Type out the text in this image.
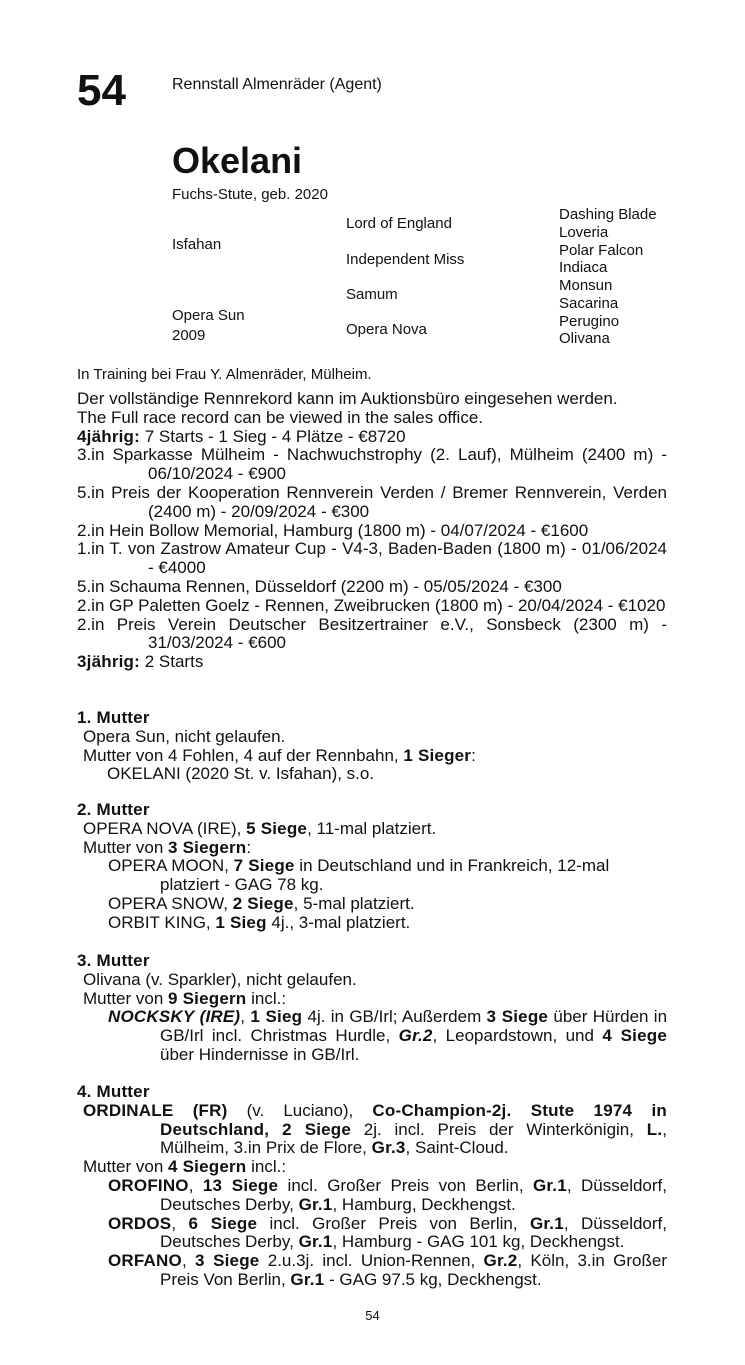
54	Rennstall Almenräder (Agent)
Okelani
Fuchs-Stute, geb. 2020
Isfahan
Opera Sun
2009
Lord of England
Independent Miss
Samum
Opera Nova
Dashing Blade
Loveria
Polar Falcon
Indiaca
Monsun
Sacarina
Perugino
Olivana
In Training bei Frau Y. Almenräder, Mülheim.
Der vollständige Rennrekord kann im Auktionsbüro eingesehen werden.
The Full race record can be viewed in the sales office.
4jährig: 7 Starts - 1 Sieg - 4 Plätze - €8720
3.in Sparkasse Mülheim - Nachwuchstrophy (2. Lauf), Mülheim (2400 m) - 06/10/2024 - €900
5.in Preis der Kooperation Rennverein Verden / Bremer Rennverein, Verden (2400 m) - 20/09/2024 - €300
2.in Hein Bollow Memorial, Hamburg (1800 m) - 04/07/2024 - €1600
1.in T. von Zastrow Amateur Cup - V4-3, Baden-Baden (1800 m) - 01/06/2024 - €4000
5.in Schauma Rennen, Düsseldorf (2200 m) - 05/05/2024 - €300
2.in GP Paletten Goelz - Rennen, Zweibrucken (1800 m) - 20/04/2024 - €1020
2.in Preis Verein Deutscher Besitzertrainer e.V., Sonsbeck (2300 m) - 31/03/2024 - €600
3jährig: 2 Starts
1. Mutter
Opera Sun, nicht gelaufen.
Mutter von 4 Fohlen, 4 auf der Rennbahn, 1 Sieger:
OKELANI (2020 St. v. Isfahan), s.o.
2. Mutter
OPERA NOVA (IRE), 5 Siege, 11-mal platziert.
Mutter von 3 Siegern:
OPERA MOON, 7 Siege in Deutschland und in Frankreich, 12-mal platziert - GAG 78 kg.
OPERA SNOW, 2 Siege, 5-mal platziert.
ORBIT KING, 1 Sieg 4j., 3-mal platziert.
3. Mutter
Olivana (v. Sparkler), nicht gelaufen.
Mutter von 9 Siegern incl.:
NOCKSKY (IRE), 1 Sieg 4j. in GB/Irl; Außerdem 3 Siege über Hürden in GB/Irl incl. Christmas Hurdle, Gr.2, Leopardstown, und 4 Siege über Hindernisse in GB/Irl.
4. Mutter
ORDINALE (FR) (v. Luciano), Co-Champion-2j. Stute 1974 in Deutschland, 2 Siege 2j. incl. Preis der Winterkönigin, L., Mülheim, 3.in Prix de Flore, Gr.3, Saint-Cloud.
Mutter von 4 Siegern incl.:
OROFINO, 13 Siege incl. Großer Preis von Berlin, Gr.1, Düsseldorf, Deutsches Derby, Gr.1, Hamburg, Deckhengst.
ORDOS, 6 Siege incl. Großer Preis von Berlin, Gr.1, Düsseldorf, Deutsches Derby, Gr.1, Hamburg - GAG 101 kg, Deckhengst.
ORFANO, 3 Siege 2.u.3j. incl. Union-Rennen, Gr.2, Köln, 3.in Großer Preis Von Berlin, Gr.1 - GAG 97.5 kg, Deckhengst.
54
